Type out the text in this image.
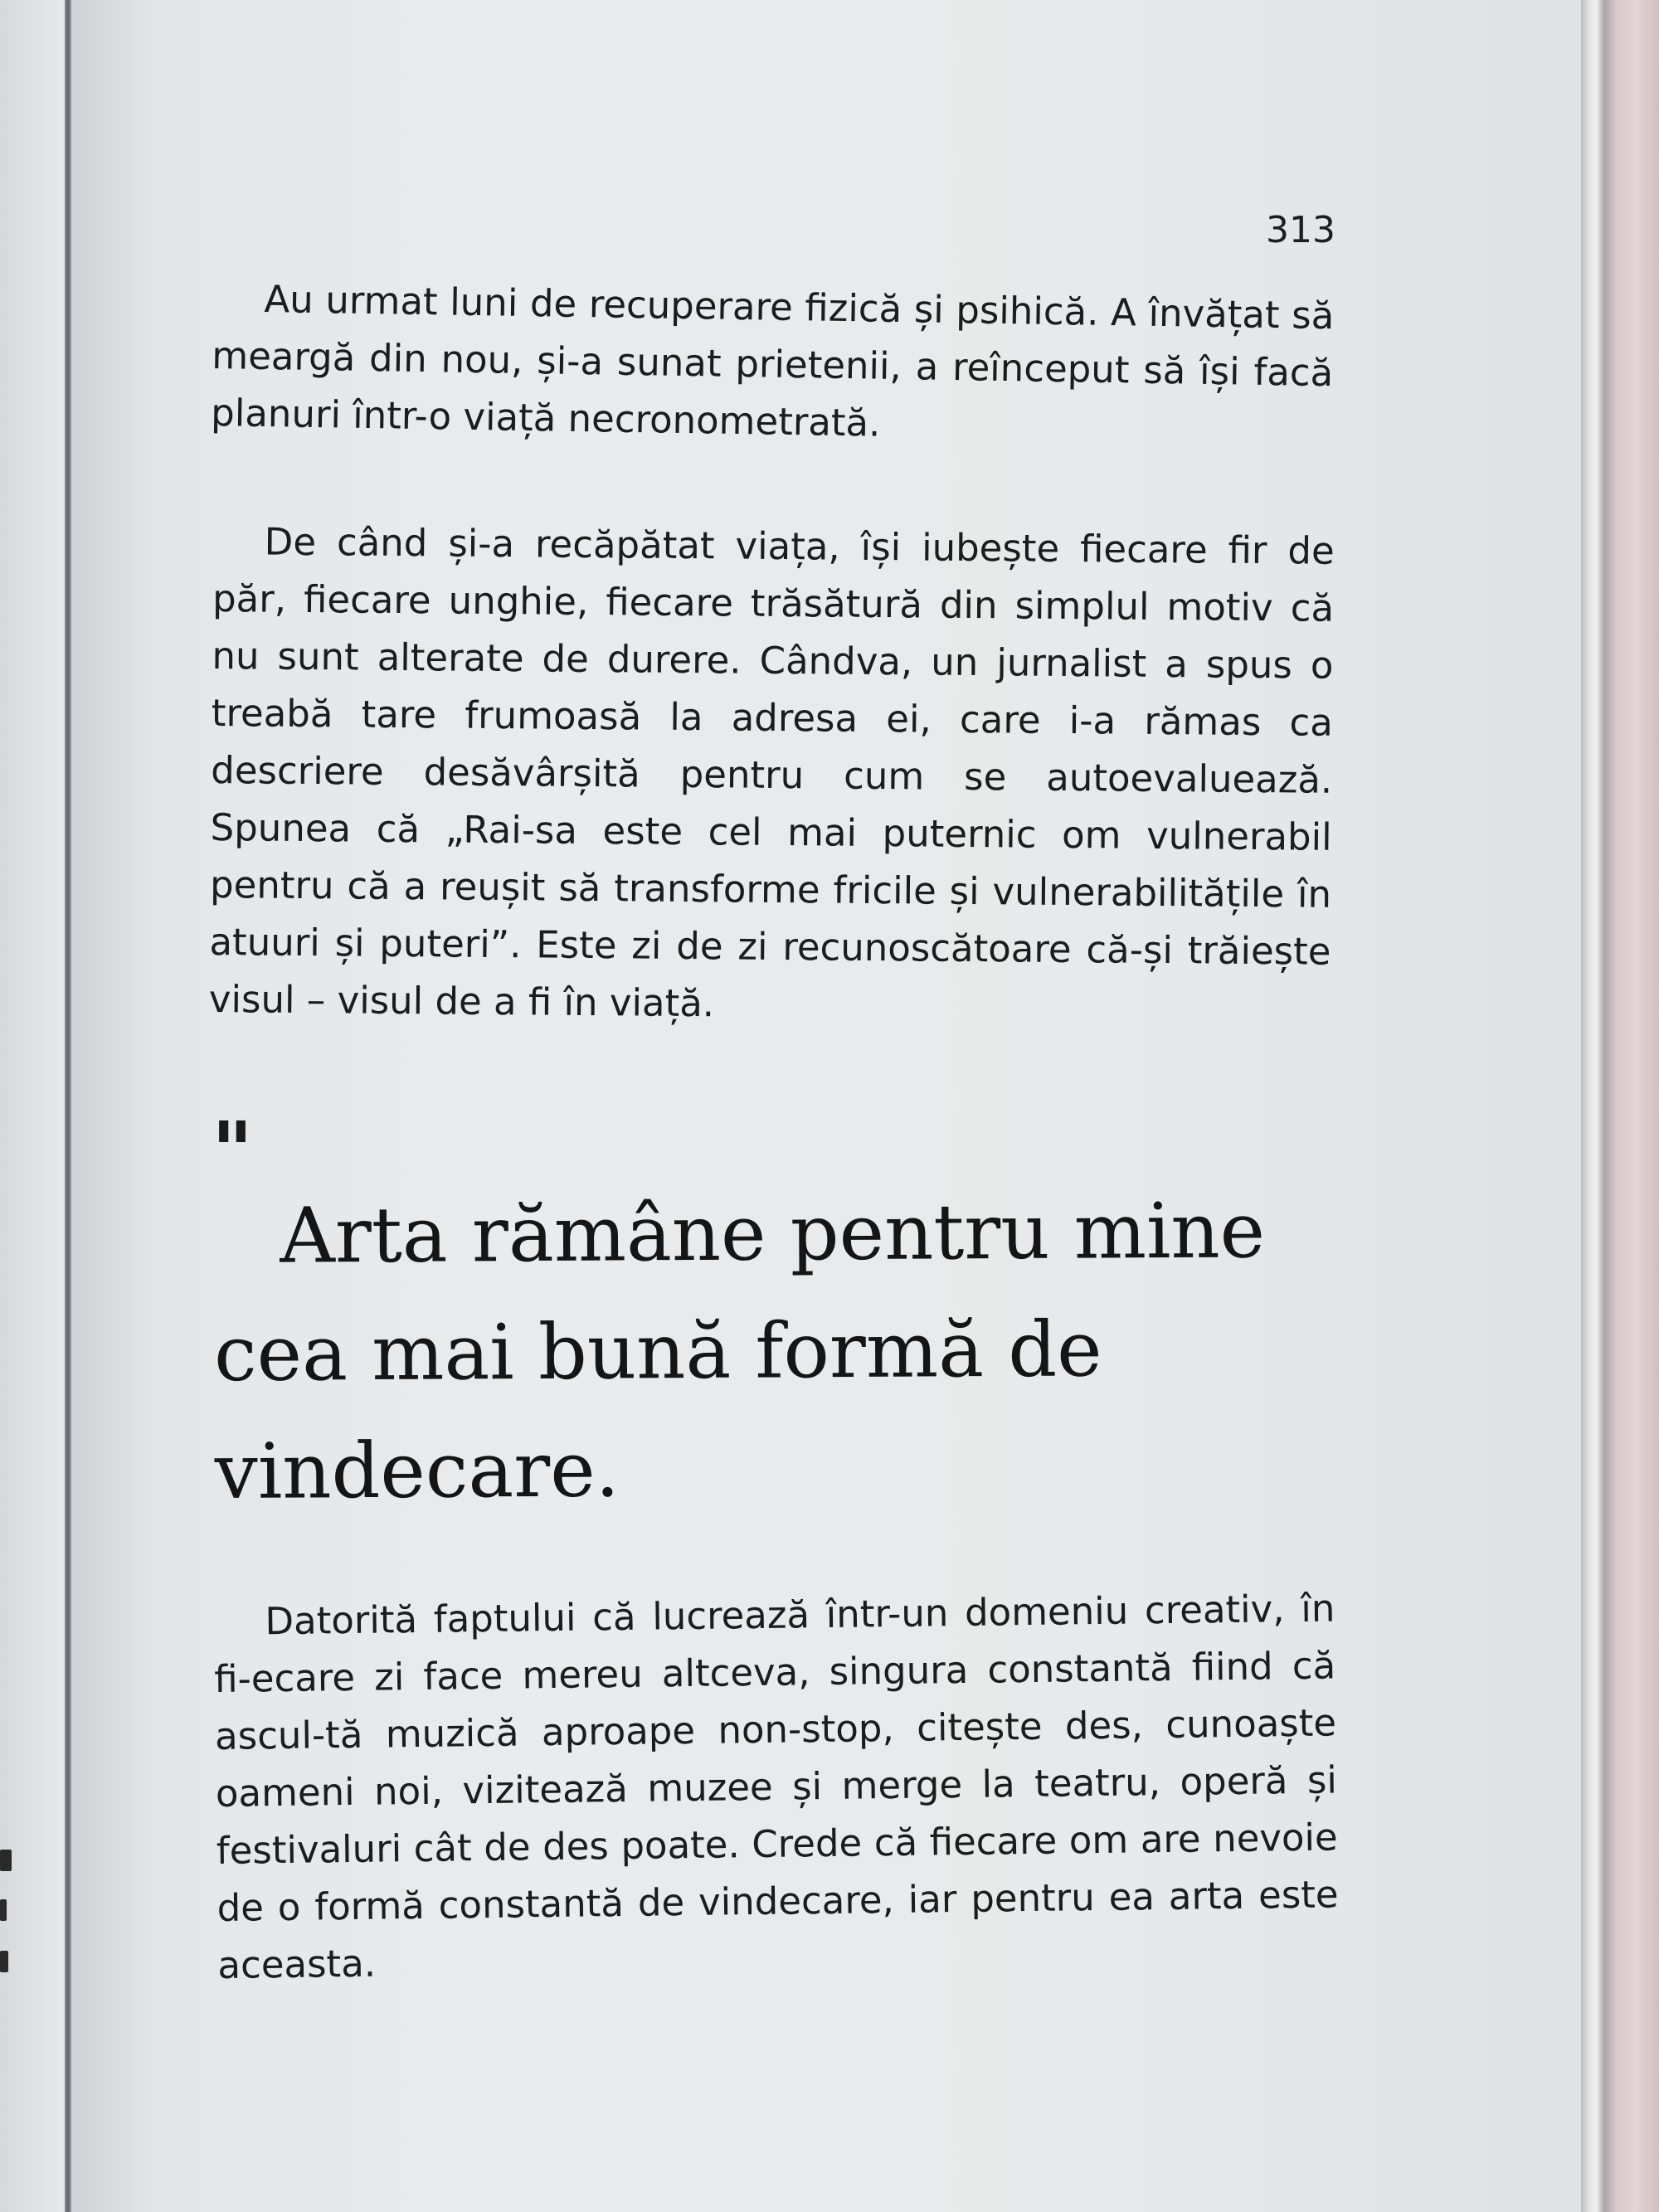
313

Au urmat luni de recuperare fizică și psihică. A învățat să meargă din nou, și-a sunat prietenii, a reînceput să își facă planuri într-o viață necronometrată.

De când și-a recăpătat viața, își iubește fiecare fir de păr, fiecare unghie, fiecare trăsătură din simplul motiv că nu sunt alterate de durere. Cândva, un jurnalist a spus o treabă tare frumoasă la adresa ei, care i-a rămas ca descriere desăvârșită pentru cum se autoevaluează. Spunea că „Rai-sa este cel mai puternic om vulnerabil pentru că a reușit să transforme fricile și vulnerabilitățile în atuuri și puteri”. Este zi de zi recunoscătoare că-și trăiește visul – visul de a fi în viață.

"
Arta rămâne pentru mine cea mai bună formă de vindecare.

Datorită faptului că lucrează într-un domeniu creativ, în fi-ecare zi face mereu altceva, singura constantă fiind că ascul-tă muzică aproape non-stop, citește des, cunoaște oameni noi, vizitează muzee și merge la teatru, operă și festivaluri cât de des poate. Crede că fiecare om are nevoie de o formă constantă de vindecare, iar pentru ea arta este aceasta.
